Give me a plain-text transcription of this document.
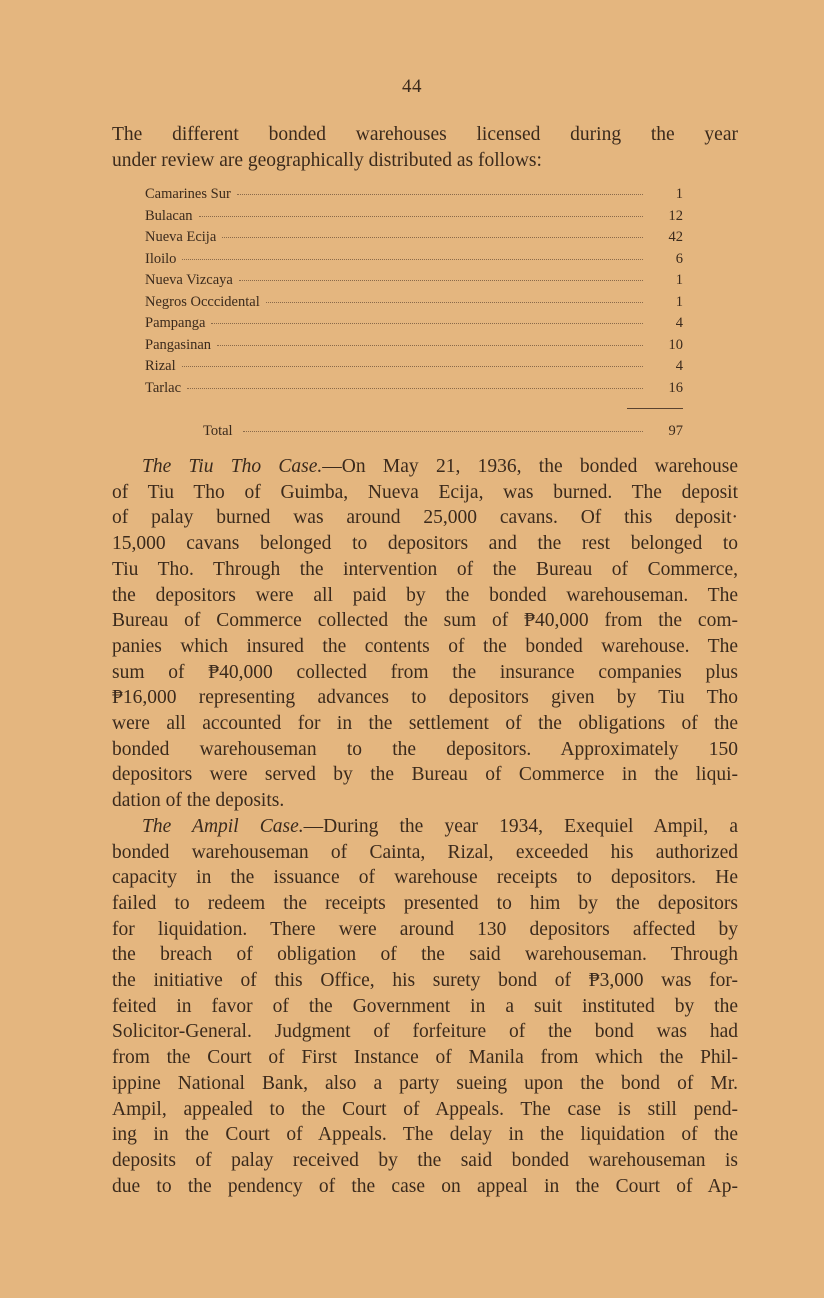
44
The different bonded warehouses licensed during the year
under review are geographically distributed as follows:
Camarines Sur	1
Bulacan	12
Nueva Ecija	42
Iloilo	6
Nueva Vizcaya	1
Negros Occcidental	1
Pampanga	4
Pangasinan	10
Rizal	4
Tarlac	16
Total	97
The Tiu Tho Case.—On May 21, 1936, the bonded warehouse
of Tiu Tho of Guimba, Nueva Ecija, was burned. The deposit
of palay burned was around 25,000 cavans. Of this deposit·
15,000 cavans belonged to depositors and the rest belonged to
Tiu Tho. Through the intervention of the Bureau of Commerce,
the depositors were all paid by the bonded warehouseman. The
Bureau of Commerce collected the sum of ₱40,000 from the com-
panies which insured the contents of the bonded warehouse. The
sum of ₱40,000 collected from the insurance companies plus
₱16,000 representing advances to depositors given by Tiu Tho
were all accounted for in the settlement of the obligations of the
bonded warehouseman to the depositors. Approximately 150
depositors were served by the Bureau of Commerce in the liqui-
dation of the deposits.
The Ampil Case.—During the year 1934, Exequiel Ampil, a
bonded warehouseman of Cainta, Rizal, exceeded his authorized
capacity in the issuance of warehouse receipts to depositors. He
failed to redeem the receipts presented to him by the depositors
for liquidation. There were around 130 depositors affected by
the breach of obligation of the said warehouseman. Through
the initiative of this Office, his surety bond of ₱3,000 was for-
feited in favor of the Government in a suit instituted by the
Solicitor-General. Judgment of forfeiture of the bond was had
from the Court of First Instance of Manila from which the Phil-
ippine National Bank, also a party sueing upon the bond of Mr.
Ampil, appealed to the Court of Appeals. The case is still pend-
ing in the Court of Appeals. The delay in the liquidation of the
deposits of palay received by the said bonded warehouseman is
due to the pendency of the case on appeal in the Court of Ap-
